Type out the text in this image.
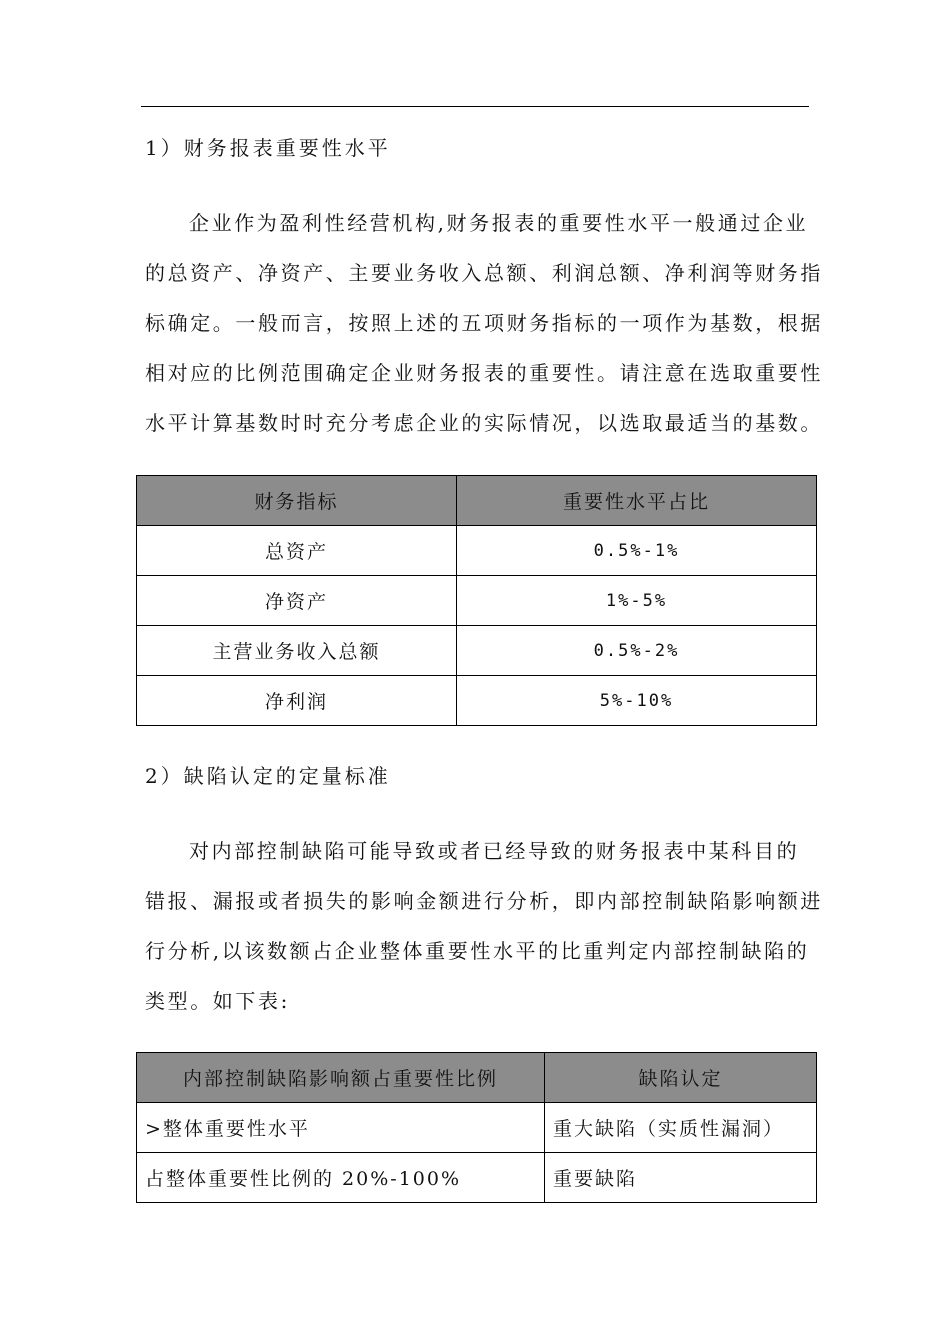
1）财务报表重要性水平
企业作为盈利性经营机构,财务报表的重要性水平一般通过企业
的总资产、净资产、主要业务收入总额、利润总额、净利润等财务指
标确定。一般而言，按照上述的五项财务指标的一项作为基数，根据
相对应的比例范围确定企业财务报表的重要性。请注意在选取重要性
水平计算基数时时充分考虑企业的实际情况，以选取最适当的基数。
财务指标	重要性水平占比
总资产	0.5%-1%
净资产	1%-5%
主营业务收入总额	0.5%-2%
净利润	5%-10%
2）缺陷认定的定量标准
对内部控制缺陷可能导致或者已经导致的财务报表中某科目的
错报、漏报或者损失的影响金额进行分析，即内部控制缺陷影响额进
行分析,以该数额占企业整体重要性水平的比重判定内部控制缺陷的
类型。如下表:
内部控制缺陷影响额占重要性比例	缺陷认定
>整体重要性水平	重大缺陷（实质性漏洞）
占整体重要性比例的 20%-100%	重要缺陷
